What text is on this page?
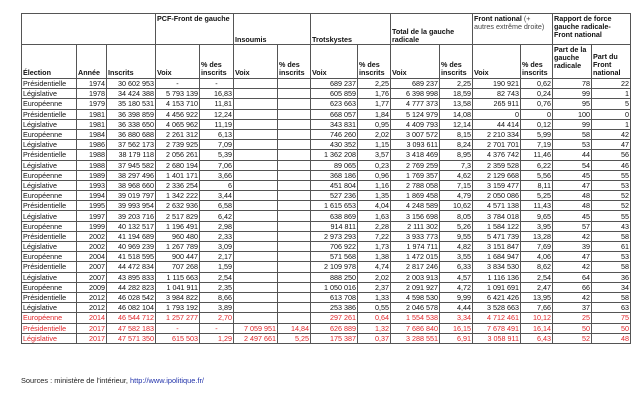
			PCF-Front de gauche		Insoumis		Trotskystes		Total de la gauche radicale		Front national (+ autres extrême droite)		Rapport de force gauche radicale-Front national	
Élection	Année	Inscrits	Voix	% des inscrits	Voix	% des inscrits	Voix	% des inscrits	Voix	% des inscrits	Voix	% des inscrits	Part de la gauche radicale	Part du Front national
Présidentielle	1974	30 602 953	-	-			689 237	2,25	689 237	2,25	190 921	0,62	78	22
Législative	1978	34 424 388	5 793 139	16,83			605 859	1,76	6 398 998	18,59	82 743	0,24	99	1
Européenne	1979	35 180 531	4 153 710	11,81			623 663	1,77	4 777 373	13,58	265 911	0,76	95	5
Présidentielle	1981	36 398 859	4 456 922	12,24			668 057	1,84	5 124 979	14,08	0	0	100	0
Législative	1981	36 338 650	4 065 962	11,19			343 831	0,95	4 409 793	12,14	44 414	0,12	99	1
Européenne	1984	36 880 688	2 261 312	6,13			746 260	2,02	3 007 572	8,15	2 210 334	5,99	58	42
Législative	1986	37 562 173	2 739 925	7,09			430 352	1,15	3 093 611	8,24	2 701 701	7,19	53	47
Présidentielle	1988	38 179 118	2 056 261	5,39			1 362 208	3,57	3 418 469	8,95	4 376 742	11,46	44	56
Législative	1988	37 945 582	2 680 194	7,06			89 065	0,23	2 769 259	7,3	2 359 528	6,22	54	46
Européenne	1989	38 297 496	1 401 171	3,66			368 186	0,96	1 769 357	4,62	2 129 668	5,56	45	55
Législative	1993	38 968 660	2 336 254	6			451 804	1,16	2 788 058	7,15	3 159 477	8,11	47	53
Européenne	1994	39 019 797	1 342 222	3,44			527 236	1,35	1 869 458	4,79	2 050 086	5,25	48	52
Présidentielle	1995	39 993 954	2 632 936	6,58			1 615 653	4,04	4 248 589	10,62	4 571 138	11,43	48	52
Législative	1997	39 203 716	2 517 829	6,42			638 869	1,63	3 156 698	8,05	3 784 018	9,65	45	55
Européenne	1999	40 132 517	1 196 491	2,98			914 811	2,28	2 111 302	5,26	1 584 122	3,95	57	43
Présidentielle	2002	41 194 689	960 480	2,33			2 973 293	7,22	3 933 773	9,55	5 471 739	13,28	42	58
Législative	2002	40 969 239	1 267 789	3,09			706 922	1,73	1 974 711	4,82	3 151 847	7,69	39	61
Européenne	2004	41 518 595	900 447	2,17			571 568	1,38	1 472 015	3,55	1 684 947	4,06	47	53
Présidentielle	2007	44 472 834	707 268	1,59			2 109 978	4,74	2 817 246	6,33	3 834 530	8,62	42	58
Législative	2007	43 895 833	1 115 663	2,54			888 250	2,02	2 003 913	4,57	1 116 136	2,54	64	36
Européenne	2009	44 282 823	1 041 911	2,35			1 050 016	2,37	2 091 927	4,72	1 091 691	2,47	66	34
Présidentielle	2012	46 028 542	3 984 822	8,66			613 708	1,33	4 598 530	9,99	6 421 426	13,95	42	58
Législative	2012	46 082 104	1 793 192	3,89			253 386	0,55	2 046 578	4,44	3 528 663	7,66	37	63
Européenne	2014	46 544 712	1 257 277	2,70			297 261	0,64	1 554 538	3,34	4 712 461	10,12	25	75
Présidentielle	2017	47 582 183	-	-	7 059 951	14,84	626 889	1,32	7 686 840	16,15	7 678 491	16,14	50	50
Législative	2017	47 571 350	615 503	1,29	2 497 661	5,25	175 387	0,37	3 288 551	6,91	3 058 911	6,43	52	48
Sources : ministère de l'intérieur, http://www.ipolitique.fr/
